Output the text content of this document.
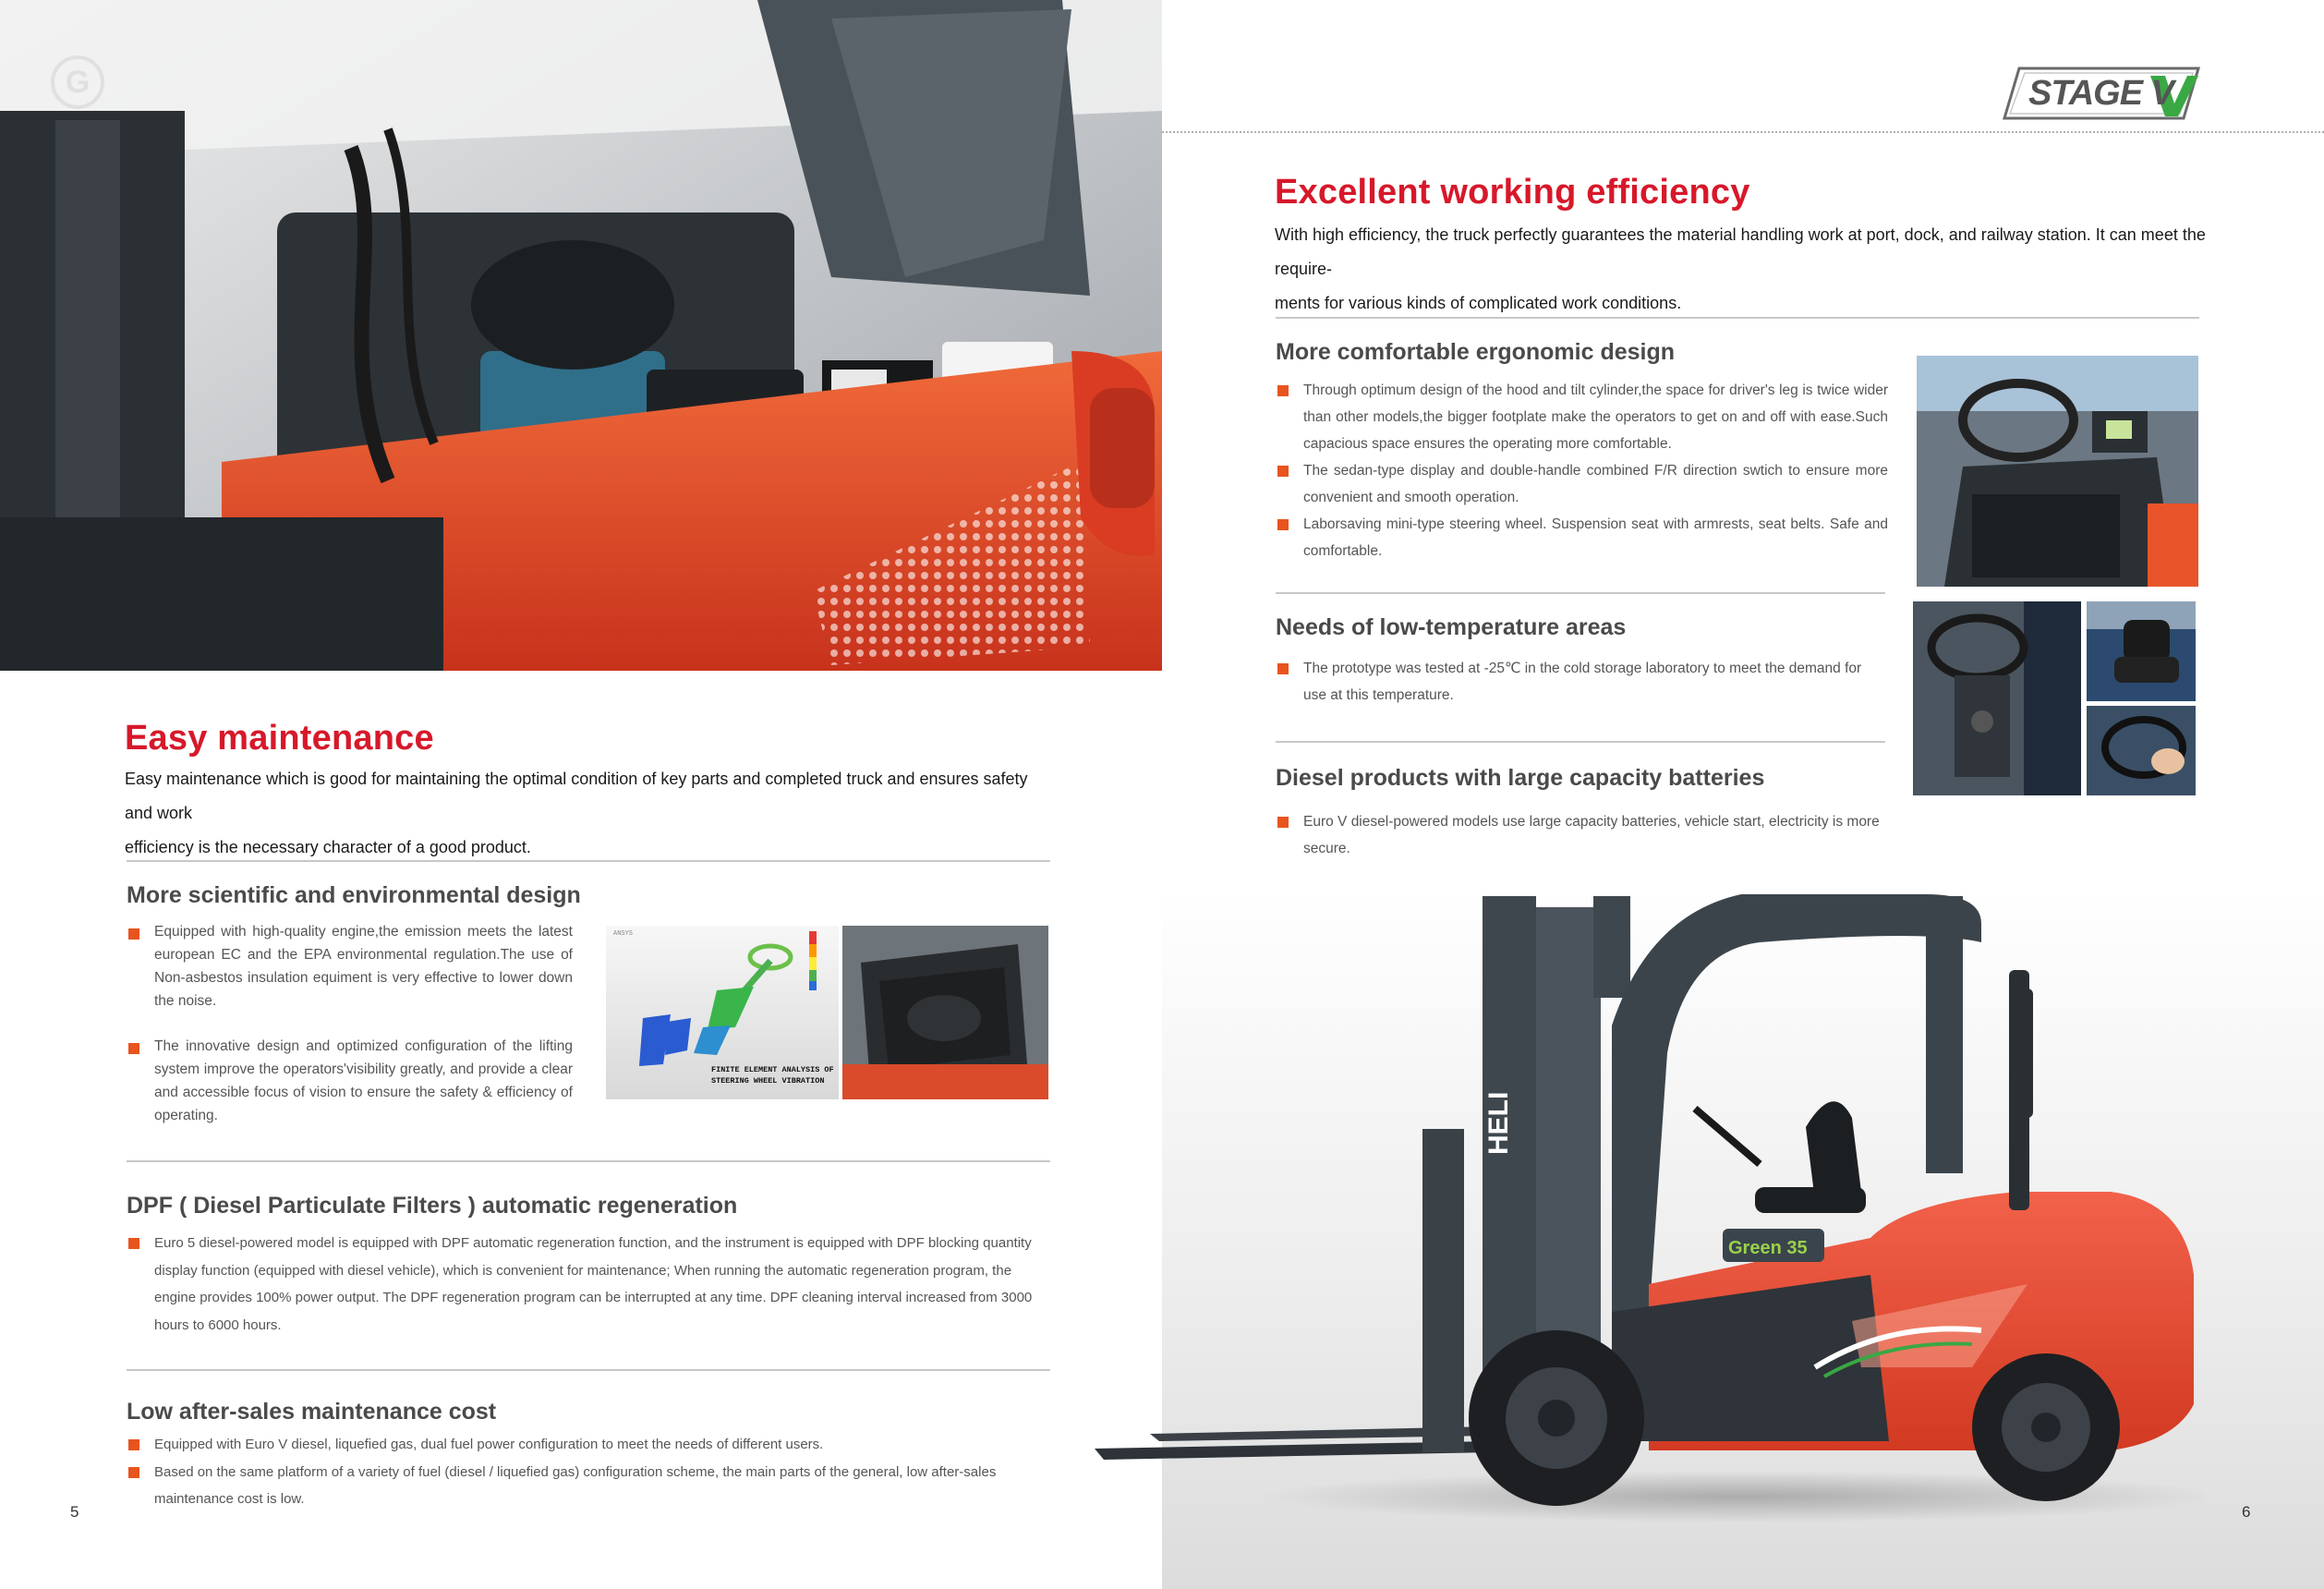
G
Easy maintenance
Easy maintenance which is good for maintaining the optimal condition of key parts and completed truck and ensures safety and work
efficiency is the necessary character of a good product.
More scientific and environmental design
Equipped with high-quality engine,the emission meets the latest european EC and the EPA environmental regulation.The use of Non-asbestos insulation equiment is very effective to lower down the noise.
The innovative design and optimized configuration of the lifting system improve the operators'visibility greatly, and provide a clear and accessible focus of vision to ensure the safety & efficiency of operating.
ANSYS
FINITE ELEMENT ANALYSIS OF
STEERING WHEEL VIBRATION
DPF ( Diesel Particulate Filters ) automatic regeneration
Euro 5 diesel-powered model is equipped with DPF automatic regeneration function, and the instrument is equipped with DPF blocking quantity display function (equipped with diesel vehicle), which is convenient for maintenance; When running the automatic regeneration program, the engine provides 100% power output. The DPF regeneration program can be interrupted at any time. DPF cleaning interval increased from 3000 hours to 6000 hours.
Low after-sales maintenance cost
Equipped with Euro V diesel, liquefied gas, dual fuel power configuration to meet the needs of different users.
Based on the same platform of a variety of fuel (diesel / liquefied gas) configuration scheme, the main parts of the general, low after-sales maintenance cost is low.
5
STAGE V
Excellent working efficiency
With high efficiency, the truck perfectly guarantees the material handling work at port, dock, and railway station. It can meet the require-
ments for various kinds of complicated work conditions.
More comfortable ergonomic design
Through optimum design of the hood and tilt cylinder,the space for driver's leg is twice wider than other models,the bigger footplate make the operators to get on and off with ease.Such capacious space ensures the operating more comfortable.
The sedan-type display and double-handle combined F/R direction swtich to ensure more convenient and smooth operation.
Laborsaving mini-type steering wheel. Suspension seat with armrests, seat belts. Safe and comfortable.
Needs of low-temperature areas
The prototype was tested at -25℃ in the cold storage laboratory to meet the demand for use at this temperature.
Diesel products with large capacity batteries
Euro V diesel-powered models use large capacity batteries, vehicle start, electricity is more secure.
HELI
Green 35
6
